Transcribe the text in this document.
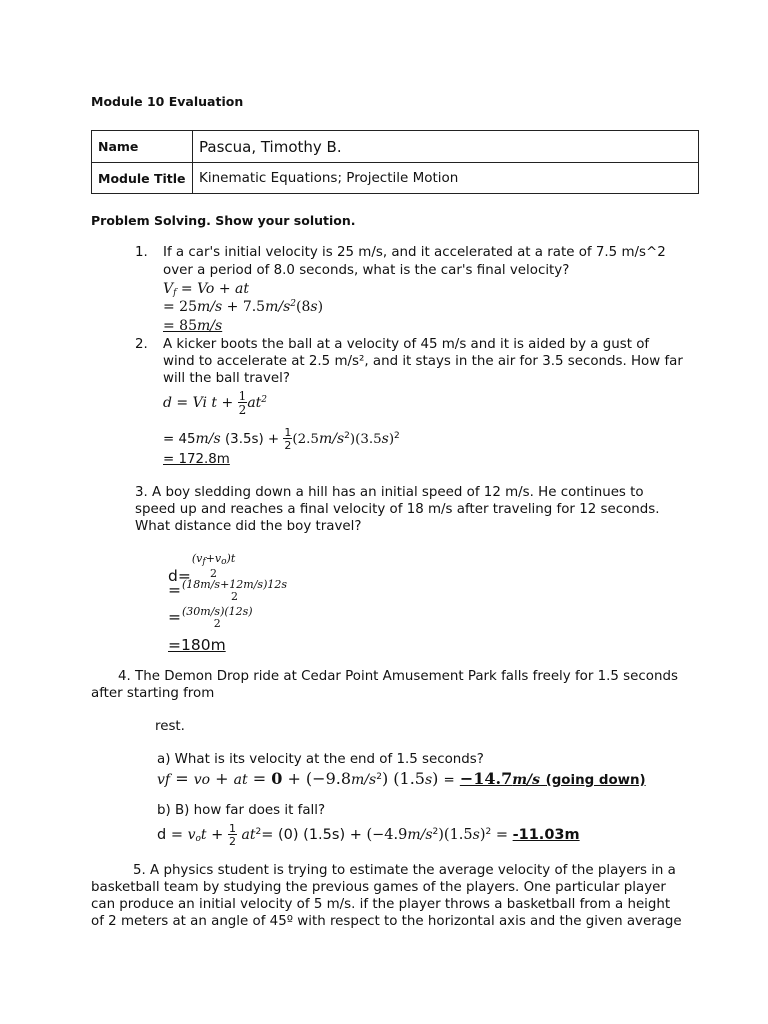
Module 10 Evaluation
Name	Pascua, Timothy B.
Module Title	Kinematic Equations; Projectile Motion
Problem Solving. Show your solution.
1. If a car's initial velocity is 25 m/s, and it accelerated at a rate of 7.5 m/s^2
over a period of 8.0 seconds, what is the car's final velocity?
$V_f = Vo$ + at
= $25m/s + 7.5m/s^2(8s)$
= 85m/s
2. A kicker boots the ball at a velocity of 45 m/s and it is aided by a gust of
wind to accelerate at 2.5 m/s², and it stays in the air for 3.5 seconds. How far
will the ball travel?
d = Vi $t + \frac{1}{2} at^2$
= 45m/s $(3.5s) + \frac{1}{2} (2.5m/s^2)(3.5s)^2$
= 172.8m
3. A boy sledding down a hill has an initial speed of 12 m/s. He continues to
speed up and reaches a final velocity of 18 m/s after traveling for 12 seconds.
What distance did the boy travel?
d=
$(v_f+v_o)t$
2
= (18m/s+12m/s)12s
2
= (30m/s)(12s)
2
=180m
4. The Demon Drop ride at Cedar Point Amusement Park falls freely for 1.5 seconds
after starting from
rest.
a) What is its velocity at the end of 1.5 seconds?
vf = vo + at = $0 + (-9.8m/s^2) (1.5s) = -14.7m/s$ (going down)
b) B) how far does it fall?
$d = v_ot + \frac{1}{2} at^2= (0) (1.5s) + (-4.9m/s^2)(1.5s)^2 = -11.03m$
5. A physics student is trying to estimate the average velocity of the players in a
basketball team by studying the previous games of the players. One particular player
can produce an initial velocity of 5 m/s. if the player throws a basketball from a height
of 2 meters at an angle of 45º with respect to the horizontal axis and the given average
